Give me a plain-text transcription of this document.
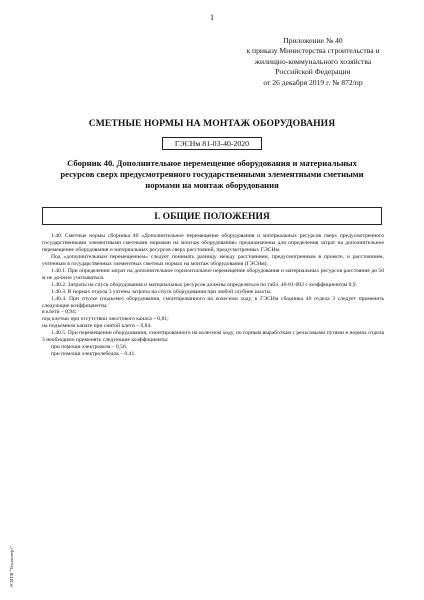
1
Приложение № 40
к приказу Министерства строительства и
жилищно-коммунального хозяйства
Российской Федерации
от 26 декабря 2019 г. № 872/пр
СМЕТНЫЕ НОРМЫ НА МОНТАЖ ОБОРУДОВАНИЯ
ГЭСНм 81-03-40-2020
Сборник 40. Дополнительное перемещение оборудования и материальных ресурсов сверх предусмотренного государственными элементными сметными нормами на монтаж оборудования
I. ОБЩИЕ ПОЛОЖЕНИЯ

1.40. Сметные нормы сборника 40 «Дополнительное перемещение оборудования и материальных ресурсов сверх предусмотренного государственными элементными сметными нормами на монтаж оборудования» предназначены для определения затрат на дополнительное перемещение оборудования и материальных ресурсов сверх расстояний, предусмотренных ГЭСНм.

Под «дополнительным перемещением» следует понимать разницу между расстоянием, предусмотренным в проекте, и расстоянием, учтенным в государственных элементных сметных нормах на монтаж оборудования (ГЭСНм).

1.40.1. При определении затрат на дополнительное горизонтальное перемещение оборудования и материальных ресурсов расстояние до 50 м не должно учитываться.

1.40.2. Затраты на спуск оборудования и материальных ресурсов должны определяться по табл. 40-01-002 с коэффициентом 0,9.

1.40.3. В нормах отдела 3 учтены затраты на спуск оборудования при любой глубине шахты.

1.40.4. При спуске (подъеме) оборудования, смонтированного на колесном ходу, к ГЭСНм сборника 40 отдела 3 следует применять следующие коэффициенты:

в клети – 0,94;

под клетью при отсутствии хвостового каната – 0,81;

на подъемном канате при снятой клети – 0,84.

1.40.5. При перемещении оборудования, смонтированного на колесном ходу, по горным выработкам с рельсовыми путями в нормах отдела 3 необходимо применять следующие коэффициенты:

при помощи электровоза – 0,56;

при помощи электролебедок – 0,41.

ЭСИТИ "Техэксперт"
